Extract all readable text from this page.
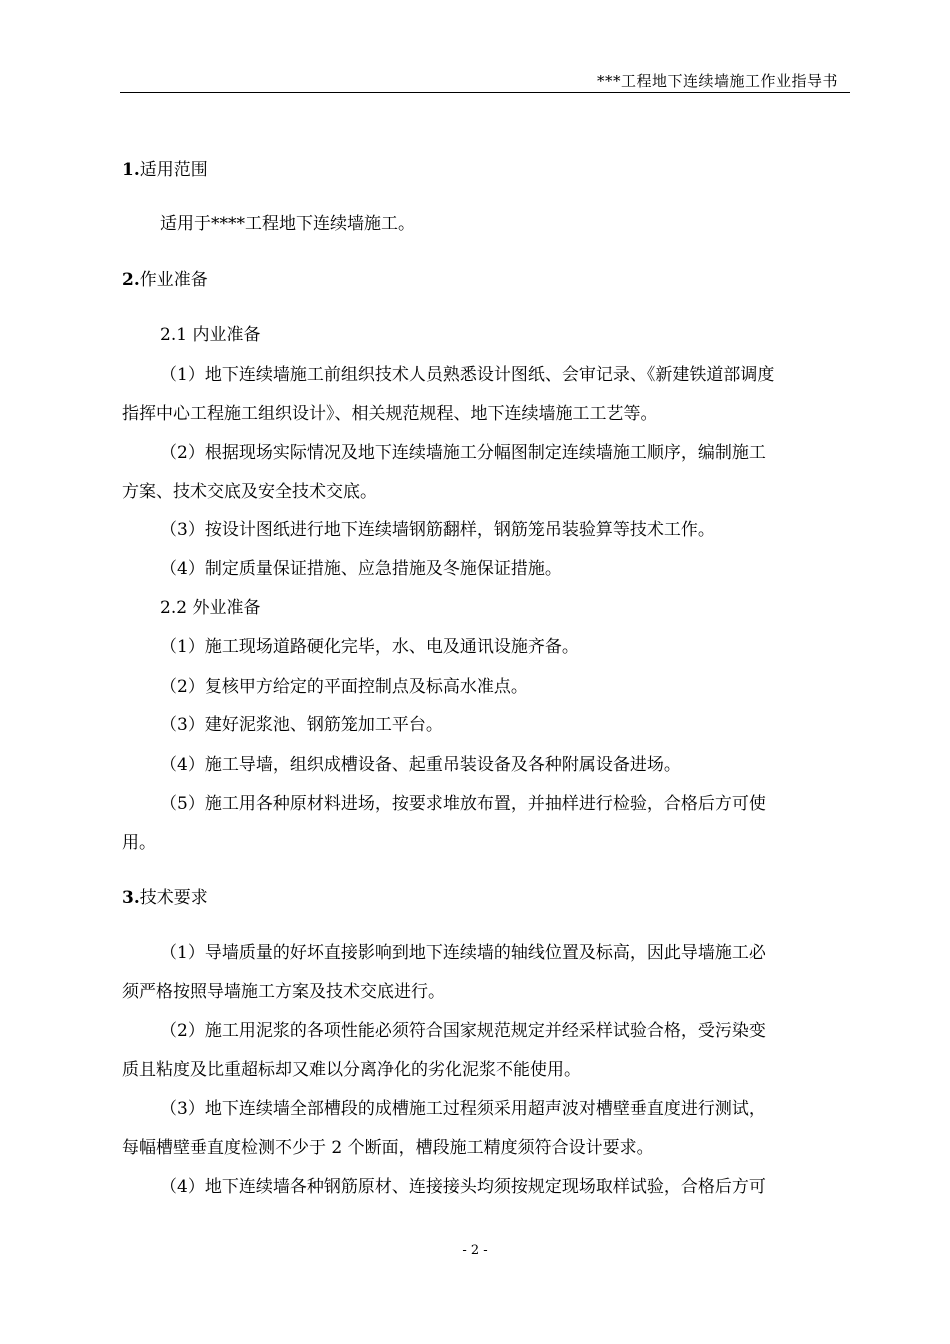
***工程地下连续墙施工作业指导书
1.适用范围
适用于****工程地下连续墙施工。
2.作业准备
2.1 内业准备
（1）地下连续墙施工前组织技术人员熟悉设计图纸、会审记录、《新建铁道部调度
指挥中心工程施工组织设计》、相关规范规程、地下连续墙施工工艺等。
（2）根据现场实际情况及地下连续墙施工分幅图制定连续墙施工顺序，编制施工
方案、技术交底及安全技术交底。
（3）按设计图纸进行地下连续墙钢筋翻样，钢筋笼吊装验算等技术工作。
（4）制定质量保证措施、应急措施及冬施保证措施。
2.2 外业准备
（1）施工现场道路硬化完毕，水、电及通讯设施齐备。
（2）复核甲方给定的平面控制点及标高水准点。
（3）建好泥浆池、钢筋笼加工平台。
（4）施工导墙，组织成槽设备、起重吊装设备及各种附属设备进场。
（5）施工用各种原材料进场，按要求堆放布置，并抽样进行检验，合格后方可使
用。
3.技术要求
（1）导墙质量的好坏直接影响到地下连续墙的轴线位置及标高，因此导墙施工必
须严格按照导墙施工方案及技术交底进行。
（2）施工用泥浆的各项性能必须符合国家规范规定并经采样试验合格，受污染变
质且粘度及比重超标却又难以分离净化的劣化泥浆不能使用。
（3）地下连续墙全部槽段的成槽施工过程须采用超声波对槽壁垂直度进行测试，
每幅槽壁垂直度检测不少于 2 个断面，槽段施工精度须符合设计要求。
（4）地下连续墙各种钢筋原材、连接接头均须按规定现场取样试验，合格后方可
- 2 -
